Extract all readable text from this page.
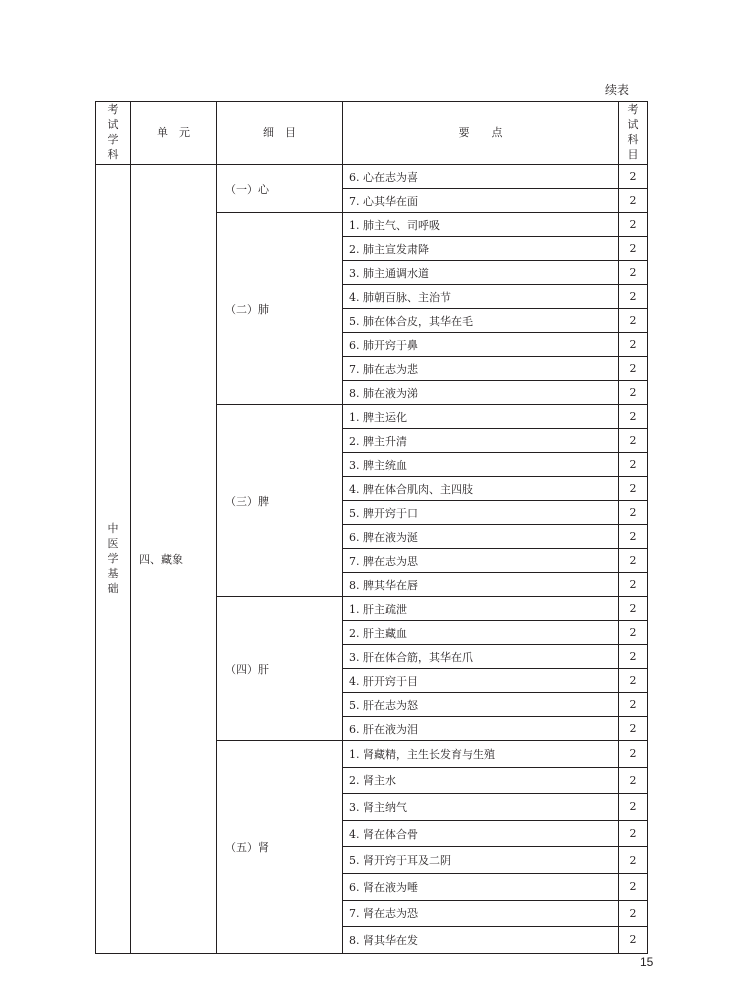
续表
考试学科	单　元	细　目	要　　点	考试科目
中医学基础	四、藏象	（一）心	6. 心在志为喜	2
			7. 心其华在面	2
		（二）肺	1. 肺主气、司呼吸	2
			2. 肺主宣发肃降	2
			3. 肺主通调水道	2
			4. 肺朝百脉、主治节	2
			5. 肺在体合皮，其华在毛	2
			6. 肺开窍于鼻	2
			7. 肺在志为悲	2
			8. 肺在液为涕	2
		（三）脾	1. 脾主运化	2
			2. 脾主升清	2
			3. 脾主统血	2
			4. 脾在体合肌肉、主四肢	2
			5. 脾开窍于口	2
			6. 脾在液为涎	2
			7. 脾在志为思	2
			8. 脾其华在唇	2
		（四）肝	1. 肝主疏泄	2
			2. 肝主藏血	2
			3. 肝在体合筋，其华在爪	2
			4. 肝开窍于目	2
			5. 肝在志为怒	2
			6. 肝在液为泪	2
		（五）肾	1. 肾藏精，主生长发育与生殖	2
			2. 肾主水	2
			3. 肾主纳气	2
			4. 肾在体合骨	2
			5. 肾开窍于耳及二阴	2
			6. 肾在液为唾	2
			7. 肾在志为恐	2
			8. 肾其华在发	2
15
